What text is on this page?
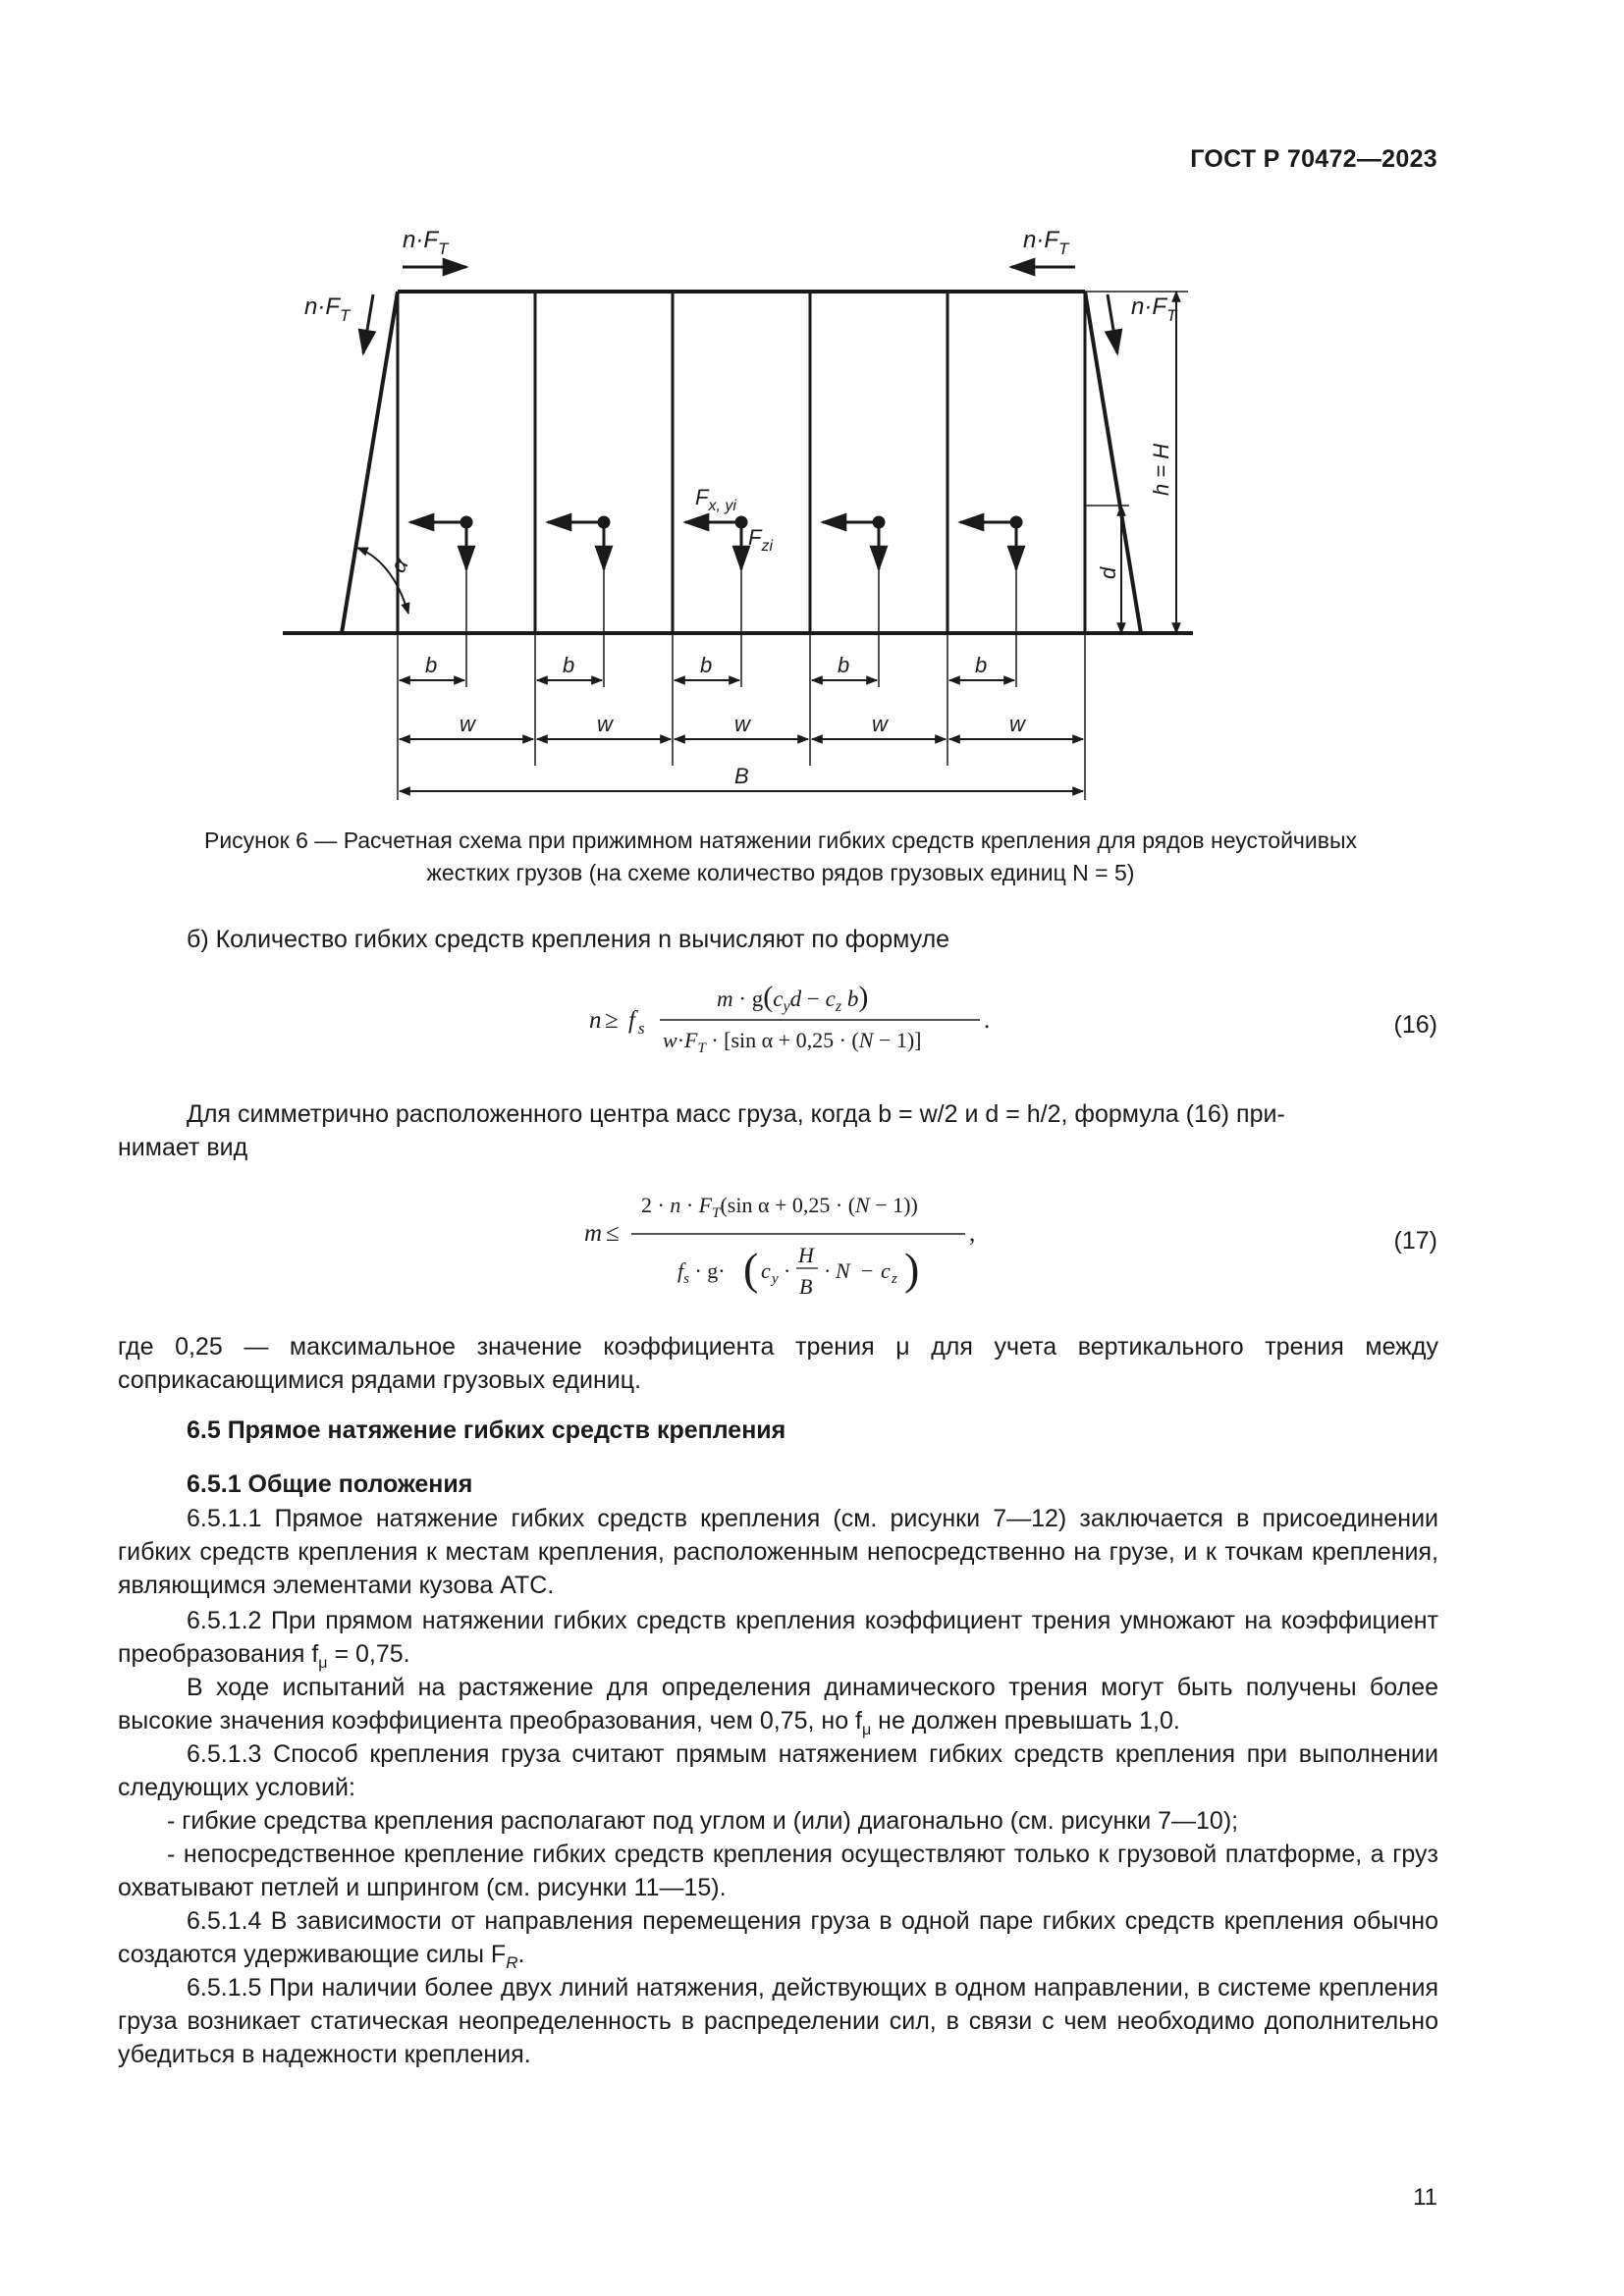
ГОСТ Р 70472—2023
α
$n\cdot F_T$	$n\cdot F_T$
$n\cdot F_T$	$n\cdot F_T$
$F_{x, yi}$
$F_{zi}$
d
h = H
b	b	b	b	b
w	w	w	w	w
B
Рисунок 6 — Расчетная схема при прижимном натяжении гибких средств крепления для рядов неустойчивых
жестких грузов (на схеме количество рядов грузовых единиц N = 5)
б) Количество гибких средств крепления n вычисляют по формуле
n ≥ f s
$m \cdot g(c_yd - c_z$ b)
$w\cdot F_T \cdot [\sin$ α + 0,25 · (N − 1)]
.	(16)
Для симметрично расположенного центра масс груза, когда b = w/2 и d = h/2, формула (16) при-
нимает вид
m ≤
$2 \cdot n \cdot F_T(\sin$ α + 0,25 · (N − 1))
$f_s \cdot g\cdot$ ( c y ·
H
B
· N − c z )
,	(17)
где 0,25 — максимальное значение коэффициента трения μ для учета вертикального трения между соприкасающимися рядами грузовых единиц.
6.5 Прямое натяжение гибких средств крепления
6.5.1 Общие положения
6.5.1.1 Прямое натяжение гибких средств крепления (см. рисунки 7—12) заключается в присоединении гибких средств крепления к местам крепления, расположенным непосредственно на грузе, и к точкам крепления, являющимся элементами кузова АТС.
6.5.1.2 При прямом натяжении гибких средств крепления коэффициент трения умножают на коэффициент преобразования $f_\mu = 0,75$.
В ходе испытаний на растяжение для определения динамического трения могут быть получены более высокие значения коэффициента преобразования, чем 0,75, но $f_\mu$ не должен превышать 1,0.
6.5.1.3 Способ крепления груза считают прямым натяжением гибких средств крепления при выполнении следующих условий:
- гибкие средства крепления располагают под углом и (или) диагонально (см. рисунки 7—10);
- непосредственное крепление гибких средств крепления осуществляют только к грузовой платформе, а груз охватывают петлей и шпрингом (см. рисунки 11—15).
6.5.1.4 В зависимости от направления перемещения груза в одной паре гибких средств крепления обычно создаются удерживающие силы $F_R$.
6.5.1.5 При наличии более двух линий натяжения, действующих в одном направлении, в системе крепления груза возникает статическая неопределенность в распределении сил, в связи с чем необходимо дополнительно убедиться в надежности крепления.
11
